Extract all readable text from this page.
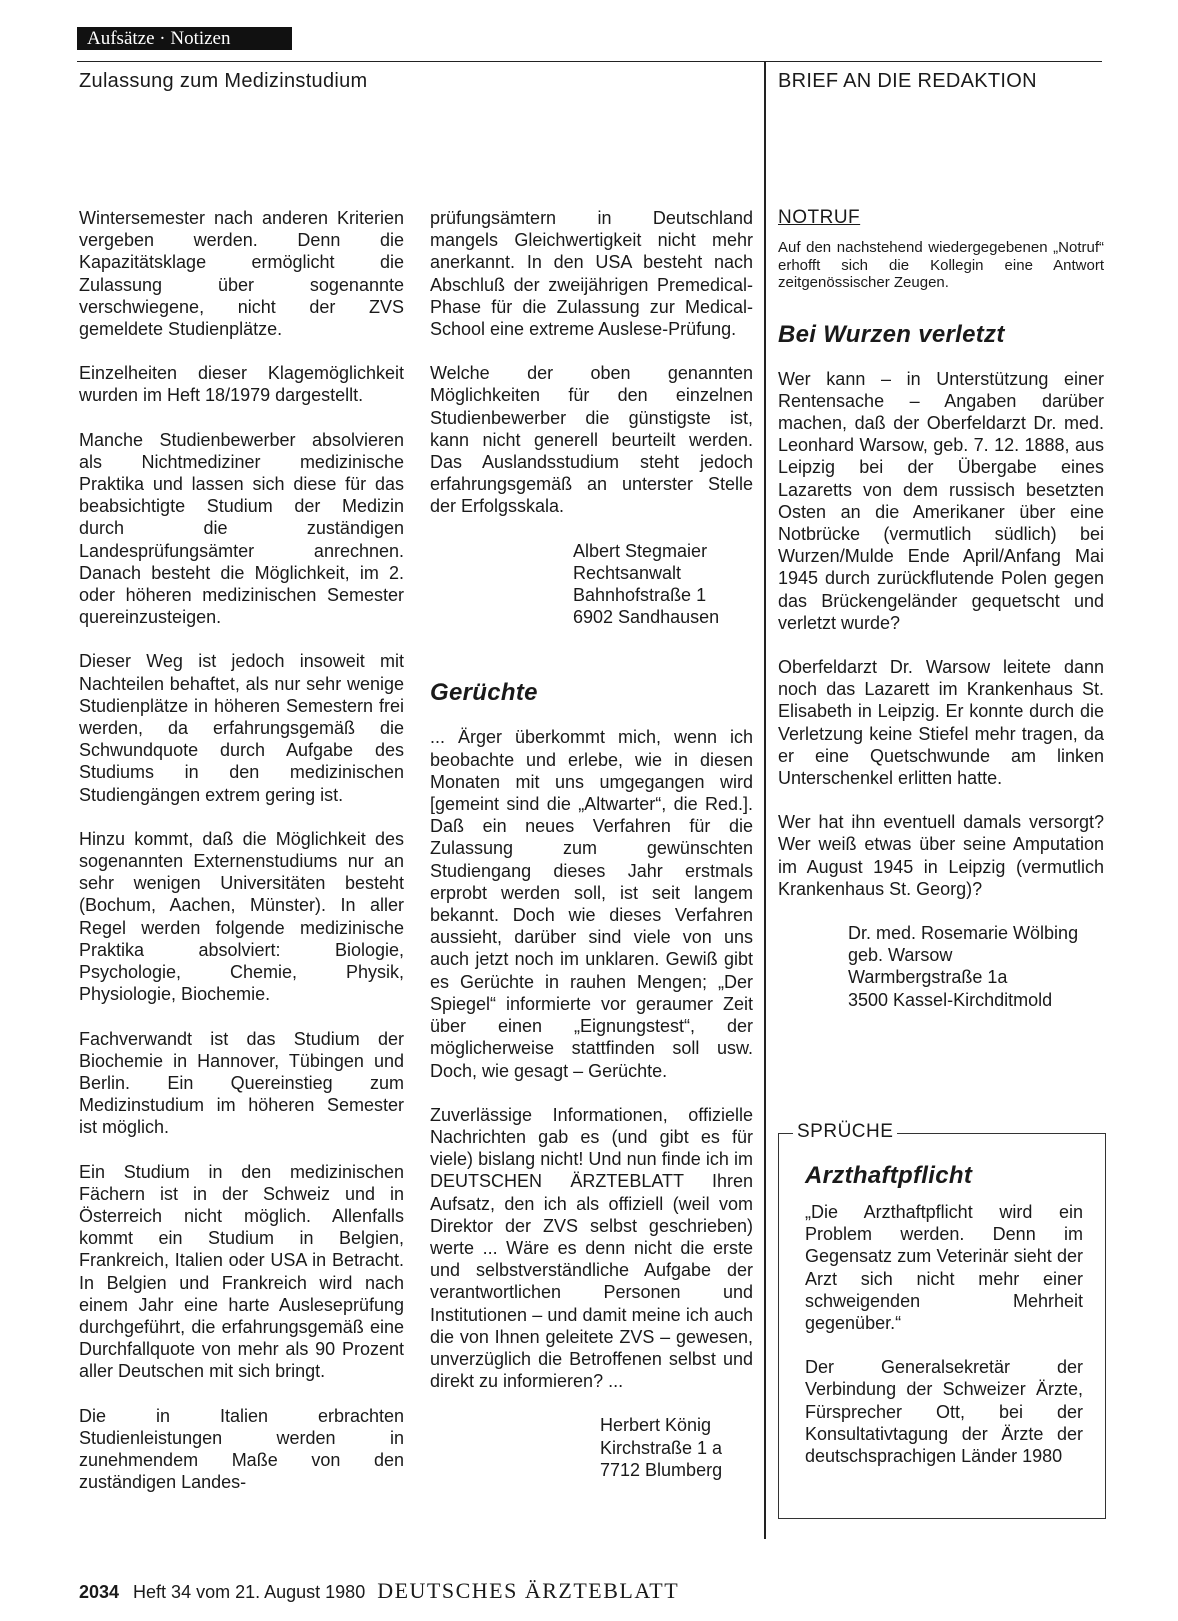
Aufsätze · Notizen
Zulassung zum Medizinstudium	BRIEF AN DIE REDAKTION

Wintersemester nach anderen Kriterien vergeben werden. Denn die Kapazitätsklage ermöglicht die Zulassung über sogenannte verschwiegene, nicht der ZVS gemeldete Studienplätze.

Einzelheiten dieser Klagemöglichkeit wurden im Heft 18/1979 dargestellt.

Manche Studienbewerber absolvieren als Nichtmediziner medizinische Praktika und lassen sich diese für das beabsichtigte Studium der Medizin durch die zuständigen Landesprüfungsämter anrechnen. Danach besteht die Möglichkeit, im 2. oder höheren medizinischen Semester quereinzusteigen.

Dieser Weg ist jedoch insoweit mit Nachteilen behaftet, als nur sehr wenige Studienplätze in höheren Semestern frei werden, da erfahrungsgemäß die Schwundquote durch Aufgabe des Studiums in den medizinischen Studiengängen extrem gering ist.

Hinzu kommt, daß die Möglichkeit des sogenannten Externenstudiums nur an sehr wenigen Universitäten besteht (Bochum, Aachen, Münster). In aller Regel werden folgende medizinische Praktika absolviert: Biologie, Psychologie, Chemie, Physik, Physiologie, Biochemie.

Fachverwandt ist das Studium der Biochemie in Hannover, Tübingen und Berlin. Ein Quereinstieg zum Medizinstudium im höheren Semester ist möglich.

Ein Studium in den medizinischen Fächern ist in der Schweiz und in Österreich nicht möglich. Allenfalls kommt ein Studium in Belgien, Frankreich, Italien oder USA in Betracht. In Belgien und Frankreich wird nach einem Jahr eine harte Ausleseprüfung durchgeführt, die erfahrungsgemäß eine Durchfallquote von mehr als 90 Prozent aller Deutschen mit sich bringt.

Die in Italien erbrachten Studienleistungen werden in zunehmendem Maße von den zuständigen Landes-

prüfungsämtern in Deutschland mangels Gleichwertigkeit nicht mehr anerkannt. In den USA besteht nach Abschluß der zweijährigen Premedical-Phase für die Zulassung zur Medical-School eine extreme Auslese-Prüfung.

Welche der oben genannten Möglichkeiten für den einzelnen Studienbewerber die günstigste ist, kann nicht generell beurteilt werden. Das Auslandsstudium steht jedoch erfahrungsgemäß an unterster Stelle der Erfolgsskala.

Albert Stegmaier
Rechtsanwalt
Bahnhofstraße 1
6902 Sandhausen
Gerüchte

... Ärger überkommt mich, wenn ich beobachte und erlebe, wie in diesen Monaten mit uns umgegangen wird [gemeint sind die „Altwarter“, die Red.]. Daß ein neues Verfahren für die Zulassung zum gewünschten Studiengang dieses Jahr erstmals erprobt werden soll, ist seit langem bekannt. Doch wie dieses Verfahren aussieht, darüber sind viele von uns auch jetzt noch im unklaren. Gewiß gibt es Gerüchte in rauhen Mengen; „Der Spiegel“ informierte vor geraumer Zeit über einen „Eignungstest“, der möglicherweise stattfinden soll usw. Doch, wie gesagt – Gerüchte.

Zuverlässige Informationen, offizielle Nachrichten gab es (und gibt es für viele) bislang nicht! Und nun finde ich im DEUTSCHEN ÄRZTEBLATT Ihren Aufsatz, den ich als offiziell (weil vom Direktor der ZVS selbst geschrieben) werte ... Wäre es denn nicht die erste und selbstverständliche Aufgabe der verantwortlichen Personen und Institutionen – und damit meine ich auch die von Ihnen geleitete ZVS – gewesen, unverzüglich die Betroffenen selbst und direkt zu informieren? ...

Herbert König
Kirchstraße 1 a
7712 Blumberg
NOTRUF

Auf den nachstehend wiedergegebenen „Notruf“ erhofft sich die Kollegin eine Antwort zeitgenössischer Zeugen.

Bei Wurzen verletzt

Wer kann – in Unterstützung einer Rentensache – Angaben darüber machen, daß der Oberfeldarzt Dr. med. Leonhard Warsow, geb. 7. 12. 1888, aus Leipzig bei der Übergabe eines Lazaretts von dem russisch besetzten Osten an die Amerikaner über eine Notbrücke (vermutlich südlich) bei Wurzen/Mulde Ende April/Anfang Mai 1945 durch zurückflutende Polen gegen das Brückengeländer gequetscht und verletzt wurde?

Oberfeldarzt Dr. Warsow leitete dann noch das Lazarett im Krankenhaus St. Elisabeth in Leipzig. Er konnte durch die Verletzung keine Stiefel mehr tragen, da er eine Quetschwunde am linken Unterschenkel erlitten hatte.

Wer hat ihn eventuell damals versorgt? Wer weiß etwas über seine Amputation im August 1945 in Leipzig (vermutlich Krankenhaus St. Georg)?

Dr. med. Rosemarie Wölbing
geb. Warsow
Warmbergstraße 1a
3500 Kassel-Kirchditmold
SPRÜCHE
Arzthaftpflicht

„Die Arzthaftpflicht wird ein Problem werden. Denn im Gegensatz zum Veterinär sieht der Arzt sich nicht mehr einer schweigenden Mehrheit gegenüber.“

Der Generalsekretär der Verbindung der Schweizer Ärzte, Fürsprecher Ott, bei der Konsultativtagung der Ärzte der deutschsprachigen Länder 1980

2034 Heft 34 vom 21. August 1980 DEUTSCHES ÄRZTEBLATT
